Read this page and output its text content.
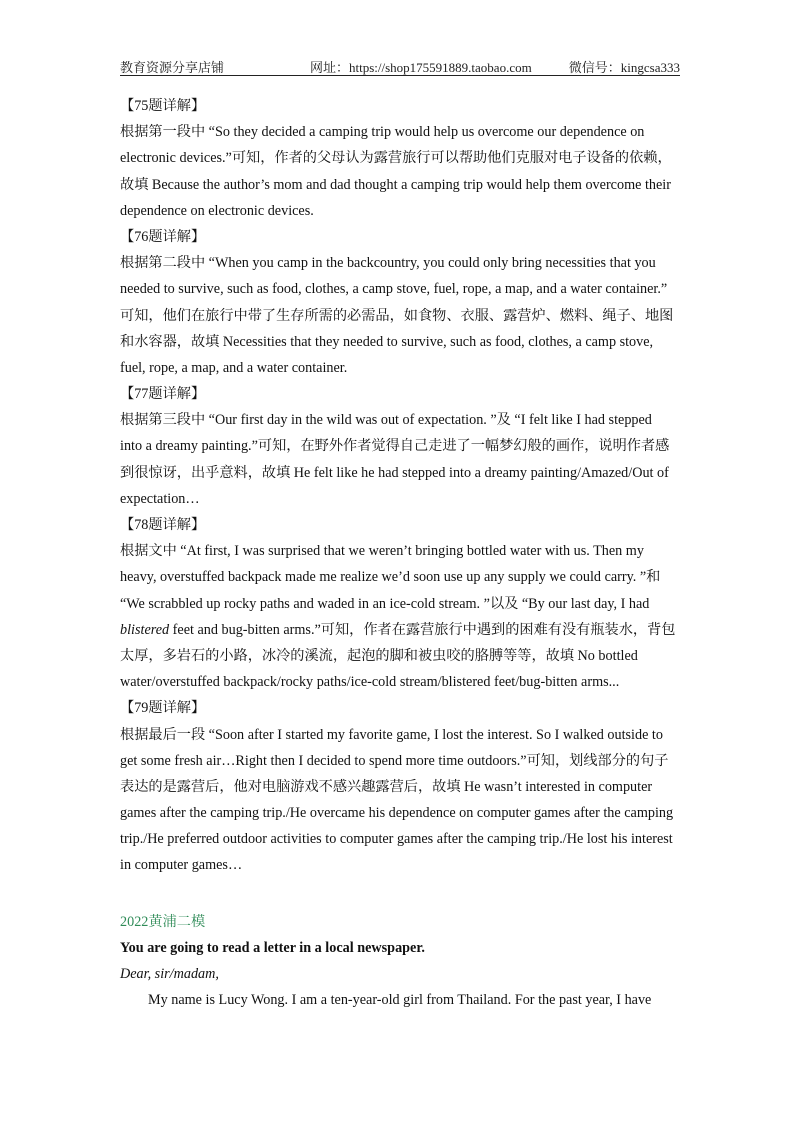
教育资源分享店铺	网址：https://shop175591889.taobao.com	微信号：kingcsa333
【75题详解】
根据第一段中 “So they decided a camping trip would help us overcome our dependence on
electronic devices.”可知，作者的父母认为露营旅行可以帮助他们克服对电子设备的依赖，
故填 Because the author’s mom and dad thought a camping trip would help them overcome their
dependence on electronic devices.
【76题详解】
根据第二段中 “When you camp in the backcountry, you could only bring necessities that you
needed to survive, such as food, clothes, a camp stove, fuel, rope, a map, and a water container.”
可知，他们在旅行中带了生存所需的必需品，如食物、衣服、露营炉、燃料、绳子、地图
和水容器，故填 Necessities that they needed to survive, such as food, clothes, a camp stove,
fuel, rope, a map, and a water container.
【77题详解】
根据第三段中 “Our first day in the wild was out of expectation. ”及 “I felt like I had stepped
into a dreamy painting.”可知，在野外作者觉得自己走进了一幅梦幻般的画作，说明作者感
到很惊讶，出乎意料，故填 He felt like he had stepped into a dreamy painting/Amazed/Out of
expectation…
【78题详解】
根据文中 “At first, I was surprised that we weren’t bringing bottled water with us. Then my
heavy, overstuffed backpack made me realize we’d soon use up any supply we could carry. ”和
“We scrabbled up rocky paths and waded in an ice-cold stream. ”以及 “By our last day, I had
blistered feet and bug-bitten arms.”可知，作者在露营旅行中遇到的困难有没有瓶装水，背包
太厚，多岩石的小路，冰冷的溪流，起泡的脚和被虫咬的胳膊等等，故填 No bottled
water/overstuffed backpack/rocky paths/ice-cold stream/blistered feet/bug-bitten arms...
【79题详解】
根据最后一段 “Soon after I started my favorite game, I lost the interest. So I walked outside to
get some fresh air…Right then I decided to spend more time outdoors.”可知，划线部分的句子
表达的是露营后，他对电脑游戏不感兴趣露营后，故填 He wasn’t interested in computer
games after the camping trip./He overcame his dependence on computer games after the camping
trip./He preferred outdoor activities to computer games after the camping trip./He lost his interest
in computer games…
2022黄浦二模
You are going to read a letter in a local newspaper.
Dear, sir/madam,
My name is Lucy Wong. I am a ten-year-old girl from Thailand. For the past year, I have
